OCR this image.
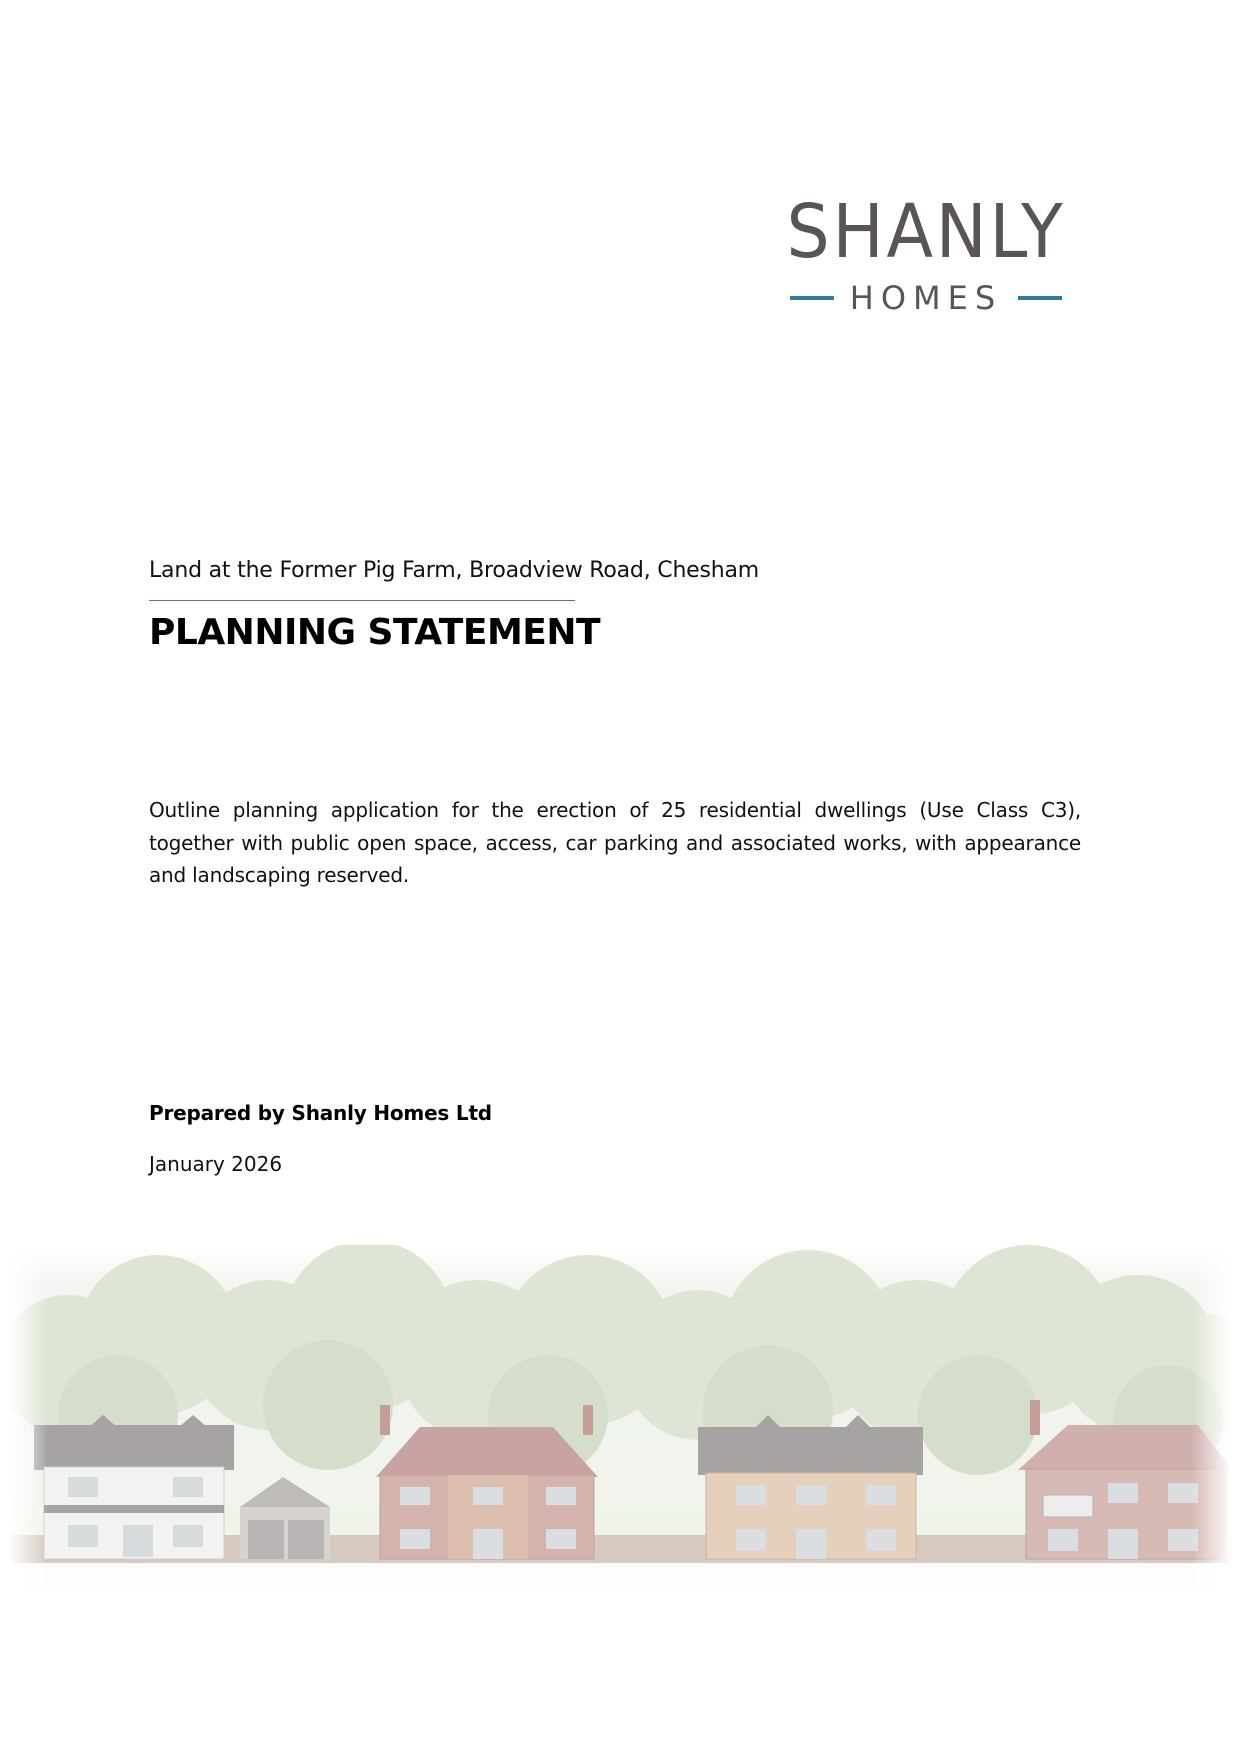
SHANLY
HOMES
Land at the Former Pig Farm, Broadview Road, Chesham
PLANNING STATEMENT
Outline planning application for the erection of 25 residential dwellings (Use Class C3), together with public open space, access, car parking and associated works, with appearance and landscaping reserved.
Prepared by Shanly Homes Ltd
January 2026
